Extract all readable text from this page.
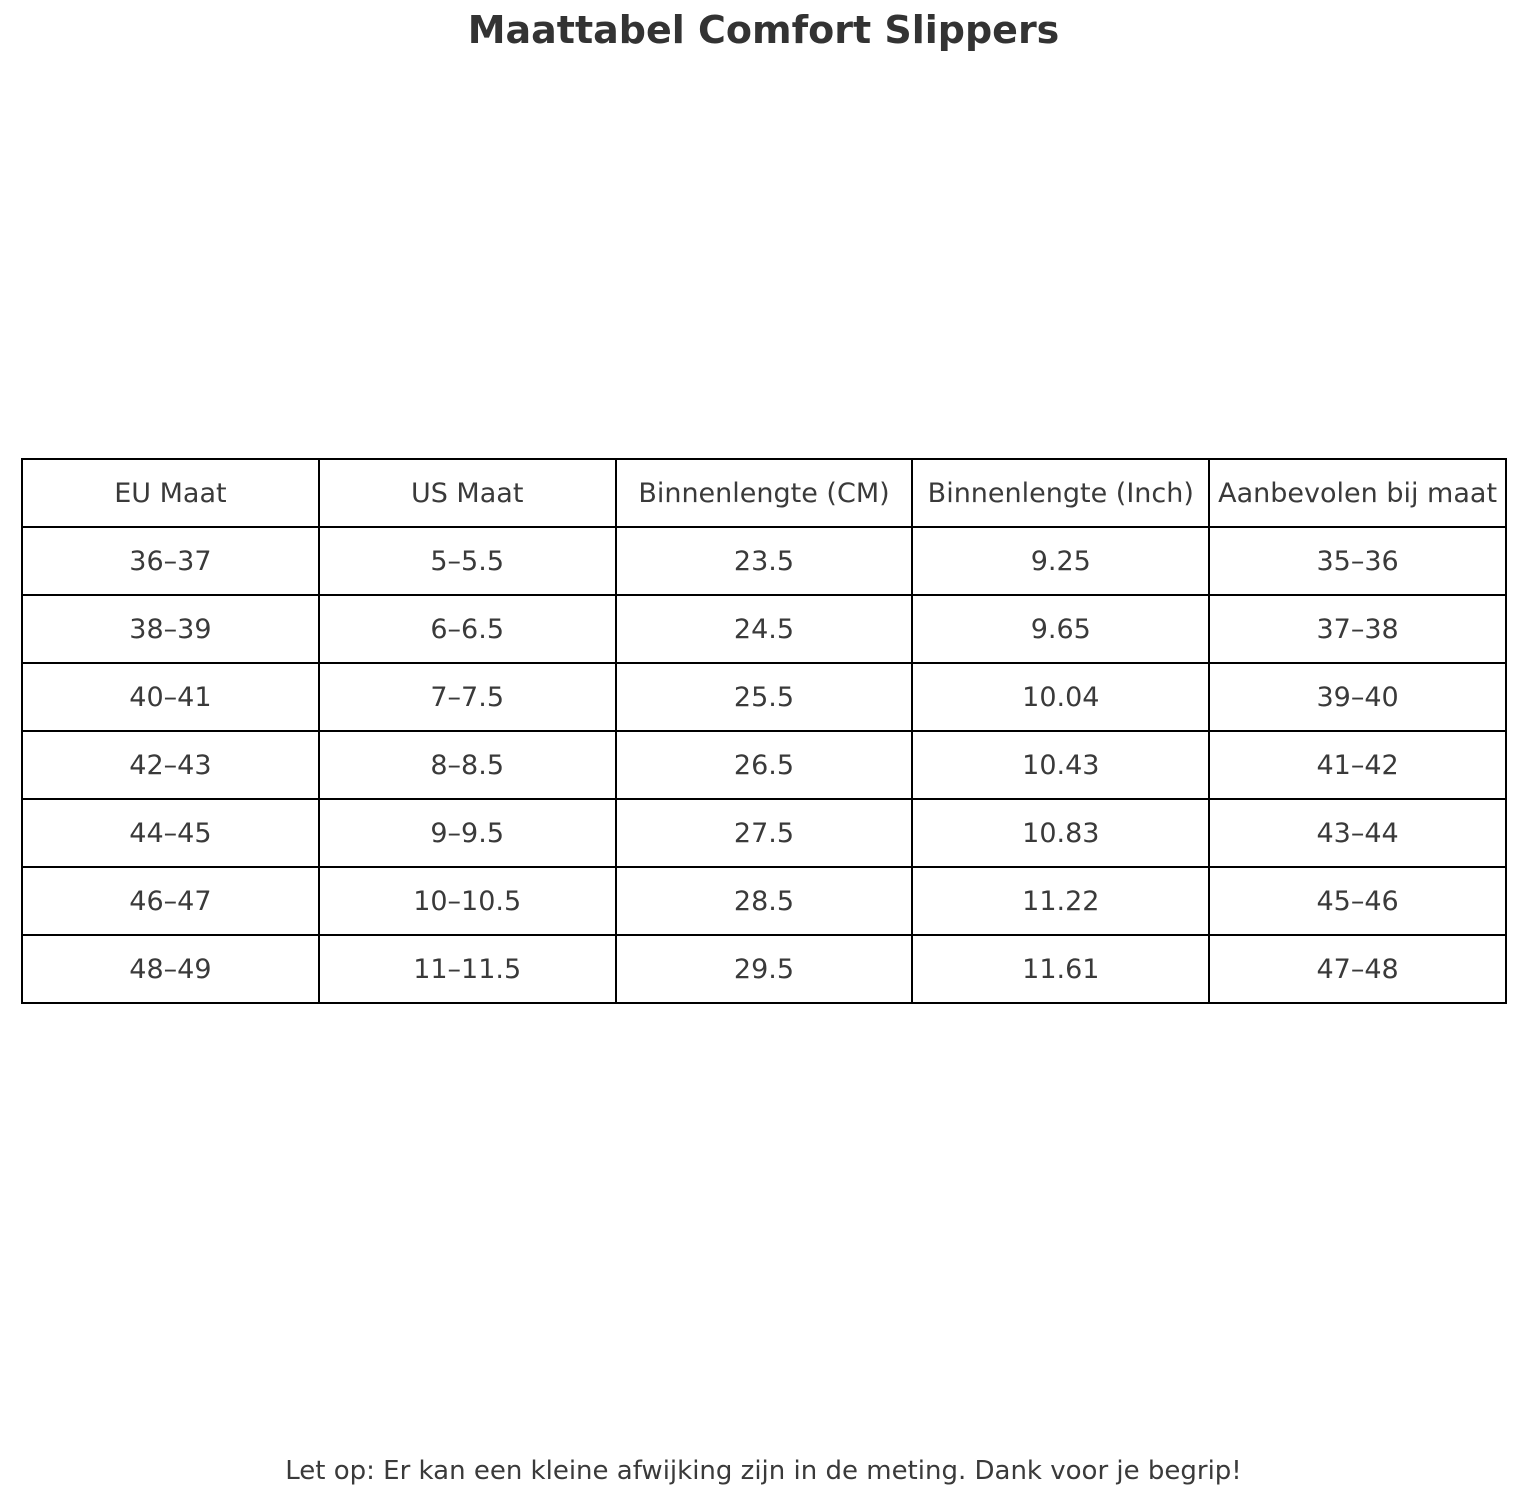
Maattabel Comfort Slippers
EU Maat	US Maat	Binnenlengte (CM)	Binnenlengte (Inch)	Aanbevolen bij maat
36–37	5–5.5	23.5	9.25	35–36
38–39	6–6.5	24.5	9.65	37–38
40–41	7–7.5	25.5	10.04	39–40
42–43	8–8.5	26.5	10.43	41–42
44–45	9–9.5	27.5	10.83	43–44
46–47	10–10.5	28.5	11.22	45–46
48–49	11–11.5	29.5	11.61	47–48
Let op: Er kan een kleine afwijking zijn in de meting. Dank voor je begrip!
